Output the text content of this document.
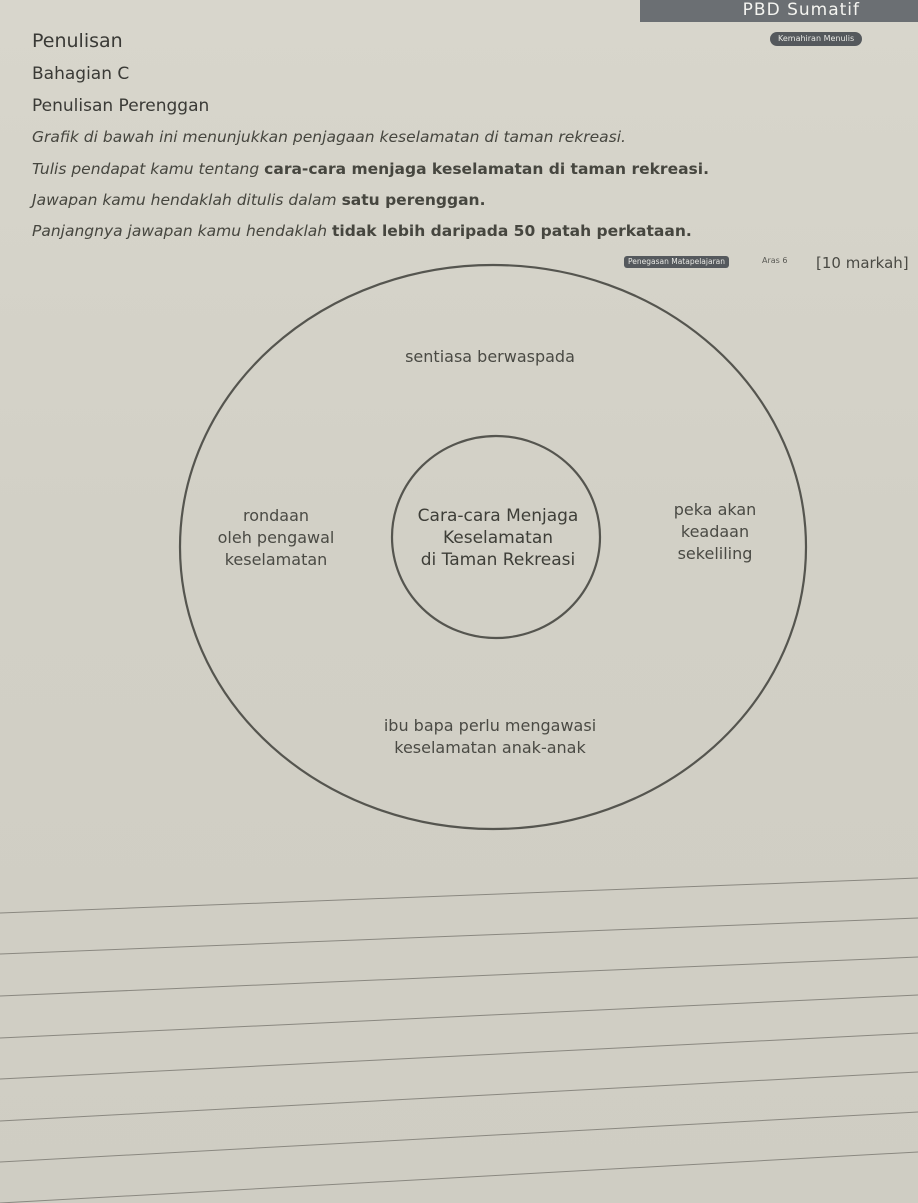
PBD Sumatif
Kemahiran Menulis
Penulisan
Bahagian C
Penulisan Perenggan
Grafik di bawah ini menunjukkan penjagaan keselamatan di taman rekreasi.
Tulis pendapat kamu tentang cara-cara menjaga keselamatan di taman rekreasi.
Jawapan kamu hendaklah ditulis dalam satu perenggan.
Panjangnya jawapan kamu hendaklah tidak lebih daripada 50 patah perkataan.
Penegasan Matapelajaran	Aras 6 [10 markah]
Cara-cara Menjaga
Keselamatan
di Taman Rekreasi
sentiasa berwaspada
rondaan
oleh pengawal
keselamatan
peka akan
keadaan
sekeliling
ibu bapa perlu mengawasi
keselamatan anak-anak
